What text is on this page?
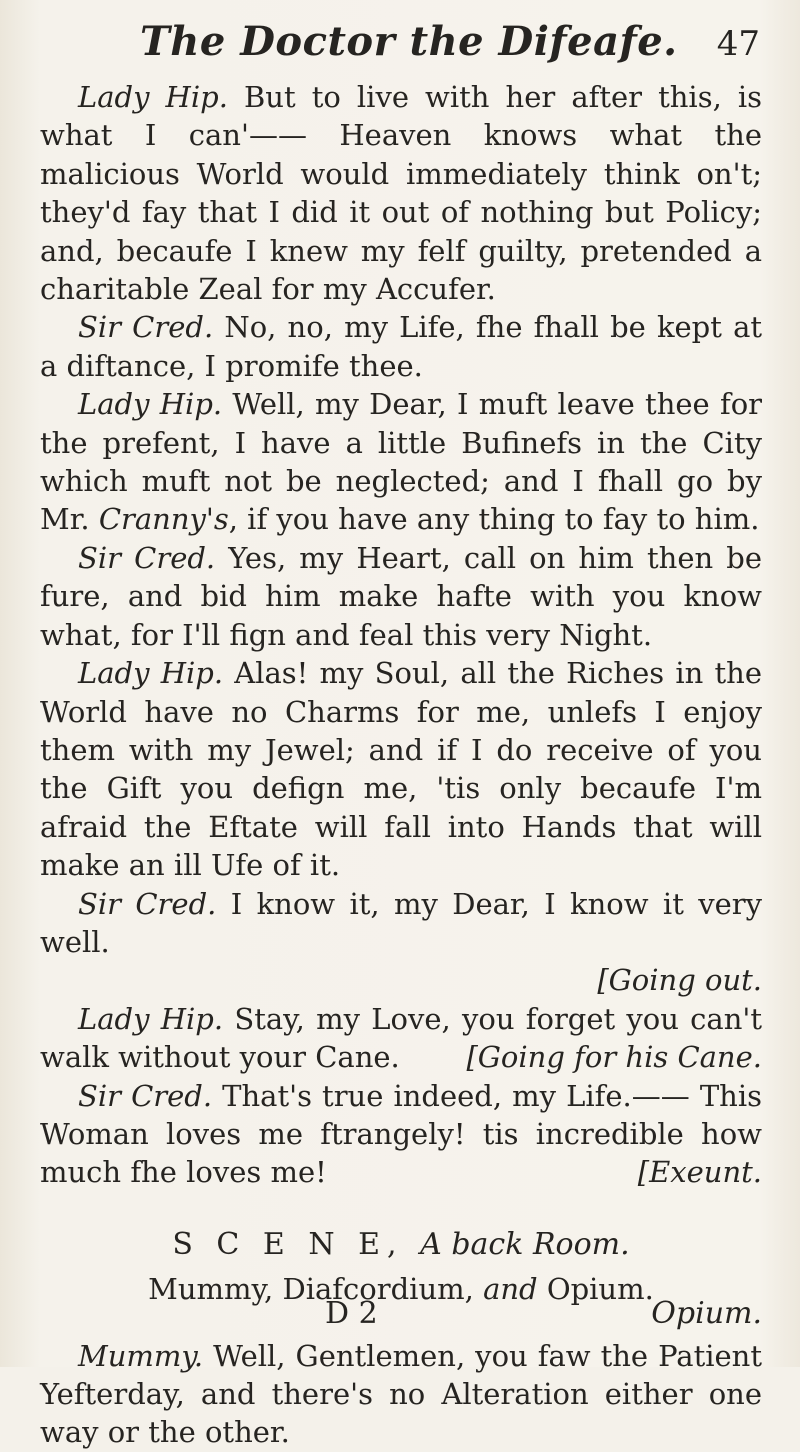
The Doctor the Difeafe. 47

Lady Hip. But to live with her after this, is what I can'—— Heaven knows what the malicious World would immediately think on't; they'd fay that I did it out of nothing but Policy; and, becaufe I knew my felf guilty, pretended a charitable Zeal for my Accufer.

Sir Cred. No, no, my Life, fhe fhall be kept at a diftance, I promife thee.

Lady Hip. Well, my Dear, I muft leave thee for the prefent, I have a little Bufinefs in the City which muft not be neglected; and I fhall go by Mr. Cranny's, if you have any thing to fay to him.

Sir Cred. Yes, my Heart, call on him then be fure, and bid him make hafte with you know what, for I'll fign and feal this very Night.

Lady Hip. Alas! my Soul, all the Riches in the World have no Charms for me, unlefs I enjoy them with my Jewel; and if I do receive of you the Gift you defign me, 'tis only becaufe I'm afraid the Eftate will fall into Hands that will make an ill Ufe of it.

Sir Cred. I know it, my Dear, I know it very well.
[Going out.

Lady Hip. Stay, my Love, you forget you can't walk without your Cane.	[Going for his Cane.

Sir Cred. That's true indeed, my Life.—— This Woman loves me ftrangely! tis incredible how much fhe loves me!	[Exeunt.

S C E N E, A back Room.
Mummy, Diafcordium, and Opium.

Mummy. Well, Gentlemen, you faw the Patient Yefterday, and there's no Alteration either one way or the other.

D 2	Opium.
